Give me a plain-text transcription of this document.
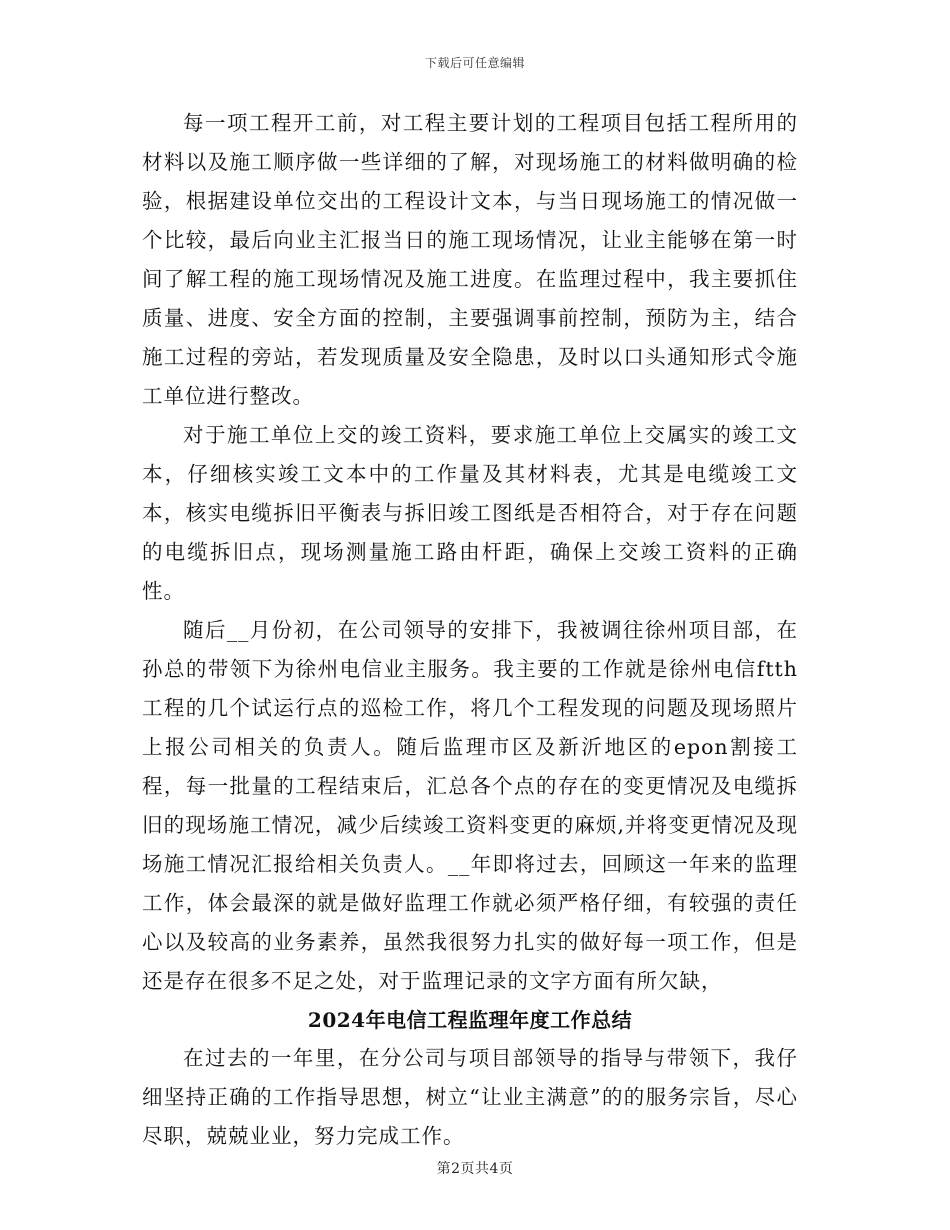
下载后可任意编辑

每一项工程开工前，对工程主要计划的工程项目包括工程所用的材料以及施工顺序做一些详细的了解，对现场施工的材料做明确的检验，根据建设单位交出的工程设计文本，与当日现场施工的情况做一个比较，最后向业主汇报当日的施工现场情况，让业主能够在第一时间了解工程的施工现场情况及施工进度。在监理过程中，我主要抓住质量、进度、安全方面的控制，主要强调事前控制，预防为主，结合施工过程的旁站，若发现质量及安全隐患，及时以口头通知形式令施工单位进行整改。

对于施工单位上交的竣工资料，要求施工单位上交属实的竣工文本，仔细核实竣工文本中的工作量及其材料表，尤其是电缆竣工文本，核实电缆拆旧平衡表与拆旧竣工图纸是否相符合，对于存在问题的电缆拆旧点，现场测量施工路由杆距，确保上交竣工资料的正确性。

随后__月份初，在公司领导的安排下，我被调往徐州项目部，在孙总的带领下为徐州电信业主服务。我主要的工作就是徐州电信ftth工程的几个试运行点的巡检工作，将几个工程发现的问题及现场照片上报公司相关的负责人。随后监理市区及新沂地区的epon割接工程，每一批量的工程结束后，汇总各个点的存在的变更情况及电缆拆旧的现场施工情况，减少后续竣工资料变更的麻烦,并将变更情况及现场施工情况汇报给相关负责人。__年即将过去，回顾这一年来的监理工作，体会最深的就是做好监理工作就必须严格仔细，有较强的责任心以及较高的业务素养，虽然我很努力扎实的做好每一项工作，但是还是存在很多不足之处，对于监理记录的文字方面有所欠缺，

2024年电信工程监理年度工作总结

在过去的一年里，在分公司与项目部领导的指导与带领下，我仔细坚持正确的工作指导思想，树立“让业主满意”的的服务宗旨，尽心尽职，兢兢业业，努力完成工作。

第2页共4页
